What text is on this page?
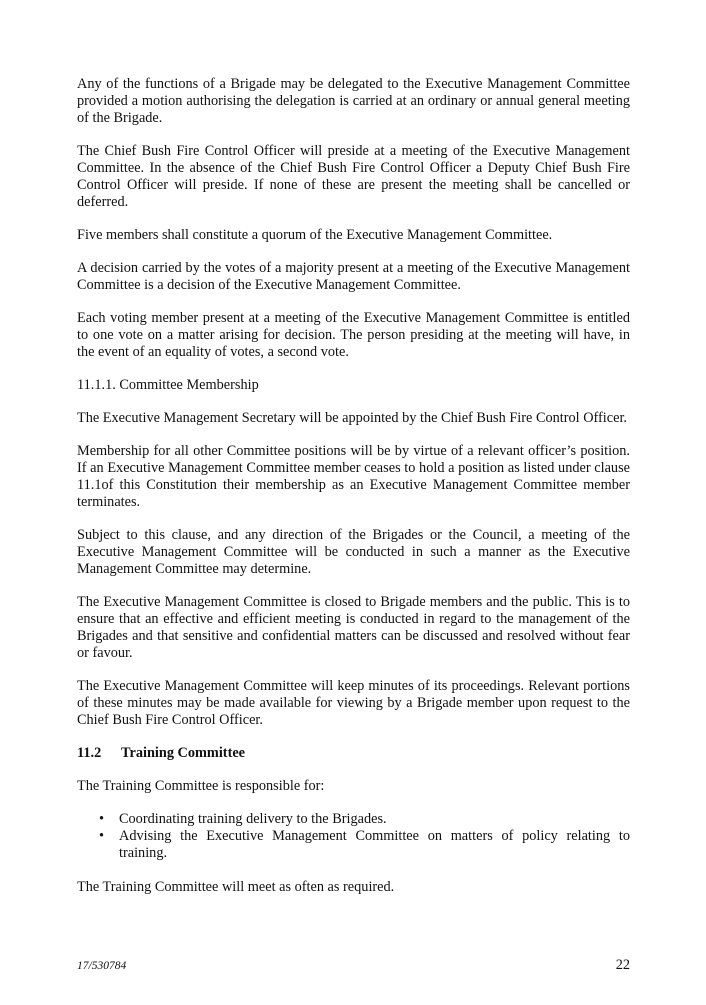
Any of the functions of a Brigade may be delegated to the Executive Management Committee provided a motion authorising the delegation is carried at an ordinary or annual general meeting of the Brigade.

The Chief Bush Fire Control Officer will preside at a meeting of the Executive Management Committee. In the absence of the Chief Bush Fire Control Officer a Deputy Chief Bush Fire Control Officer will preside. If none of these are present the meeting shall be cancelled or deferred.

Five members shall constitute a quorum of the Executive Management Committee.

A decision carried by the votes of a majority present at a meeting of the Executive Management Committee is a decision of the Executive Management Committee.

Each voting member present at a meeting of the Executive Management Committee is entitled to one vote on a matter arising for decision. The person presiding at the meeting will have, in the event of an equality of votes, a second vote.

11.1.1. Committee Membership

The Executive Management Secretary will be appointed by the Chief Bush Fire Control Officer.

Membership for all other Committee positions will be by virtue of a relevant officer’s position. If an Executive Management Committee member ceases to hold a position as listed under clause 11.1of this Constitution their membership as an Executive Management Committee member terminates.

Subject to this clause, and any direction of the Brigades or the Council, a meeting of the Executive Management Committee will be conducted in such a manner as the Executive Management Committee may determine.

The Executive Management Committee is closed to Brigade members and the public. This is to ensure that an effective and efficient meeting is conducted in regard to the management of the Brigades and that sensitive and confidential matters can be discussed and resolved without fear or favour.

The Executive Management Committee will keep minutes of its proceedings. Relevant portions of these minutes may be made available for viewing by a Brigade member upon request to the Chief Bush Fire Control Officer.

11.2 Training Committee

The Training Committee is responsible for:

• Coordinating training delivery to the Brigades.
• Advising the Executive Management Committee on matters of policy relating to training.

The Training Committee will meet as often as required.

17/530784	22
